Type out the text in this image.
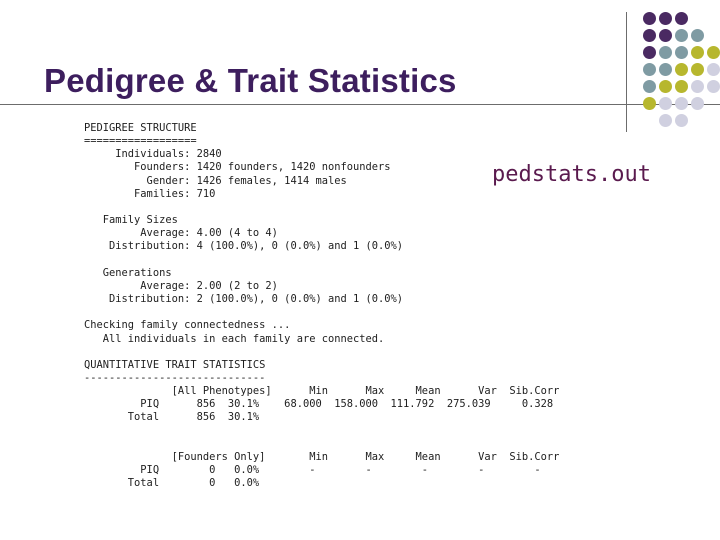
Pedigree & Trait Statistics
pedstats.out
PEDIGREE STRUCTURE
==================
Individuals: 2840
Founders: 1420 founders, 1420 nonfounders
Gender: 1426 females, 1414 males
Families: 710
Family Sizes
Average: 4.00 (4 to 4)
Distribution: 4 (100.0%), 0 (0.0%) and 1 (0.0%)
Generations
Average: 2.00 (2 to 2)
Distribution: 2 (100.0%), 0 (0.0%) and 1 (0.0%)
Checking family connectedness ...
All individuals in each family are connected.
QUANTITATIVE TRAIT STATISTICS
-----------------------------
[All Phenotypes]      Min      Max     Mean      Var  Sib.Corr
PIQ      856  30.1%    68.000  158.000  111.792  275.039     0.328
Total      856  30.1%
[Founders Only]       Min      Max     Mean      Var  Sib.Corr
PIQ        0   0.0%        -        -        -        -        -
Total        0   0.0%
